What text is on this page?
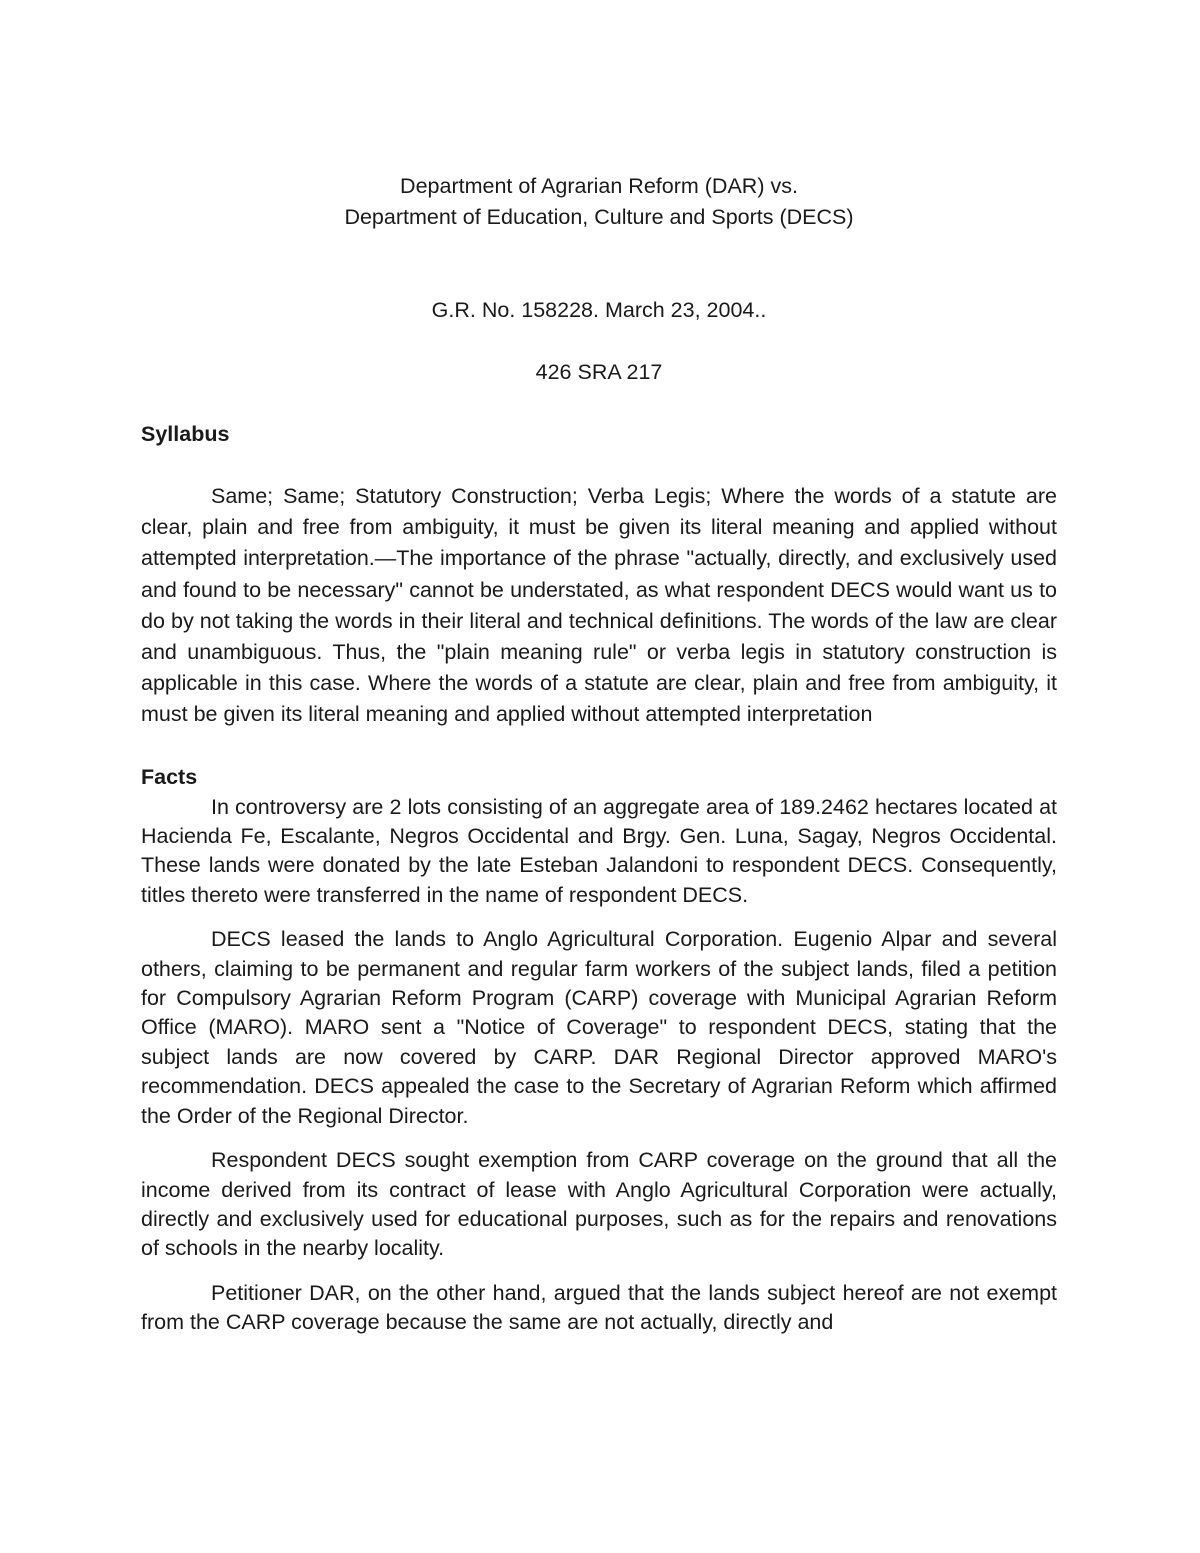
Department of Agrarian Reform (DAR) vs.
Department of Education, Culture and Sports (DECS)
G.R. No. 158228. March 23, 2004..
426 SRA 217
Syllabus

Same; Same; Statutory Construction; Verba Legis; Where the words of a statute are clear, plain and free from ambiguity, it must be given its literal meaning and applied without attempted interpretation.—The importance of the phrase "actually, directly, and exclusively used and found to be necessary" cannot be understated, as what respondent DECS would want us to do by not taking the words in their literal and technical definitions. The words of the law are clear and unambiguous. Thus, the "plain meaning rule" or verba legis in statutory construction is applicable in this case. Where the words of a statute are clear, plain and free from ambiguity, it must be given its literal meaning and applied without attempted interpretation

Facts

In controversy are 2 lots consisting of an aggregate area of 189.2462 hectares located at Hacienda Fe, Escalante, Negros Occidental and Brgy. Gen. Luna, Sagay, Negros Occidental. These lands were donated by the late Esteban Jalandoni to respondent DECS. Consequently, titles thereto were transferred in the name of respondent DECS.

DECS leased the lands to Anglo Agricultural Corporation. Eugenio Alpar and several others, claiming to be permanent and regular farm workers of the subject lands, filed a petition for Compulsory Agrarian Reform Program (CARP) coverage with Municipal Agrarian Reform Office (MARO). MARO sent a "Notice of Coverage" to respondent DECS, stating that the subject lands are now covered by CARP. DAR Regional Director approved MARO's recommendation. DECS appealed the case to the Secretary of Agrarian Reform which affirmed the Order of the Regional Director.

Respondent DECS sought exemption from CARP coverage on the ground that all the income derived from its contract of lease with Anglo Agricultural Corporation were actually, directly and exclusively used for educational purposes, such as for the repairs and renovations of schools in the nearby locality.

Petitioner DAR, on the other hand, argued that the lands subject hereof are not exempt from the CARP coverage because the same are not actually, directly and
